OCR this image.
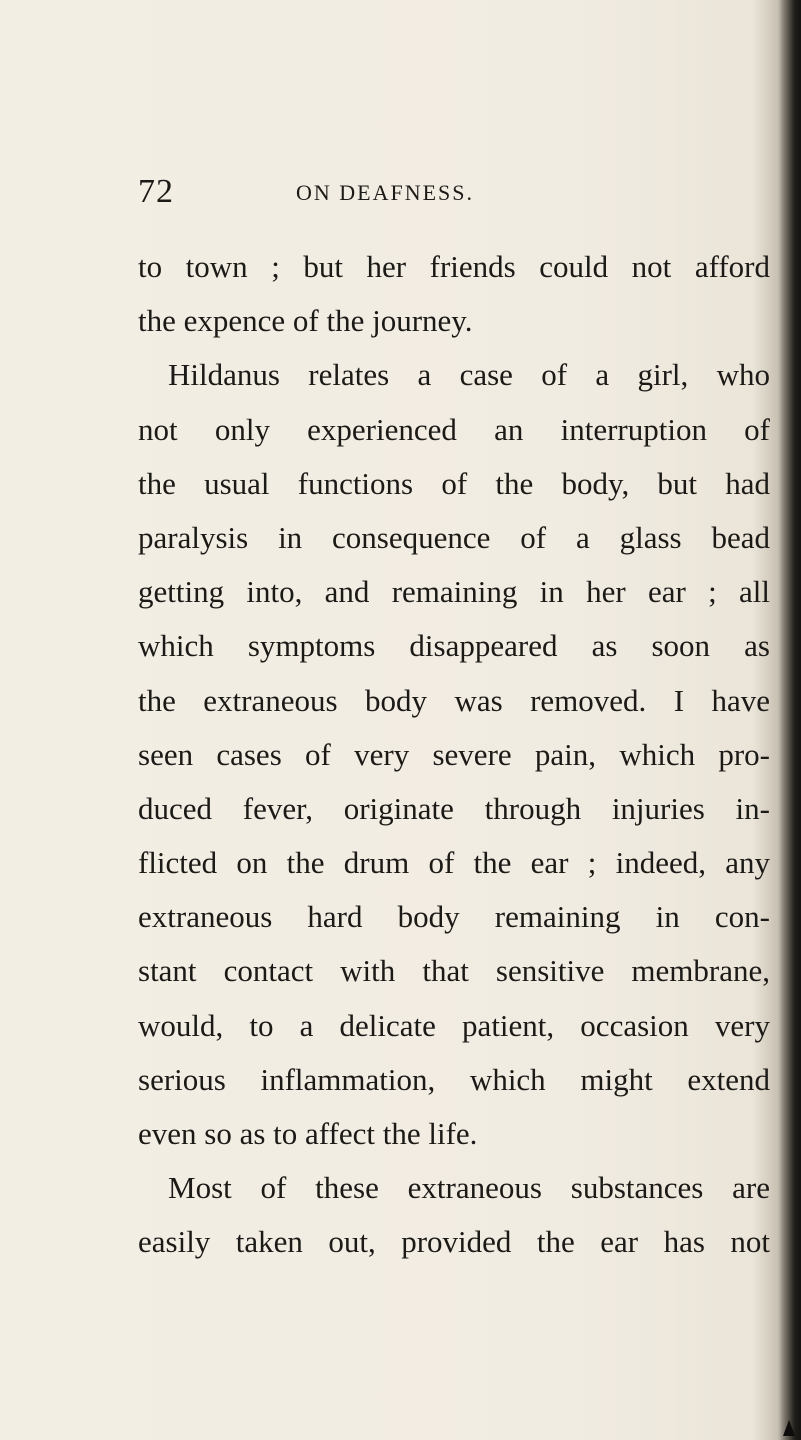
72	ON DEAFNESS.
to town ; but her friends could not afford
the expence of the journey.
Hildanus relates a case of a girl, who
not only experienced an interruption of
the usual functions of the body, but had
paralysis in consequence of a glass bead
getting into, and remaining in her ear ; all
which symptoms disappeared as soon as
the extraneous body was removed. I have
seen cases of very severe pain, which pro-
duced fever, originate through injuries in-
flicted on the drum of the ear ; indeed, any
extraneous hard body remaining in con-
stant contact with that sensitive membrane,
would, to a delicate patient, occasion very
serious inflammation, which might extend
even so as to affect the life.
Most of these extraneous substances are
easily taken out, provided the ear has not
